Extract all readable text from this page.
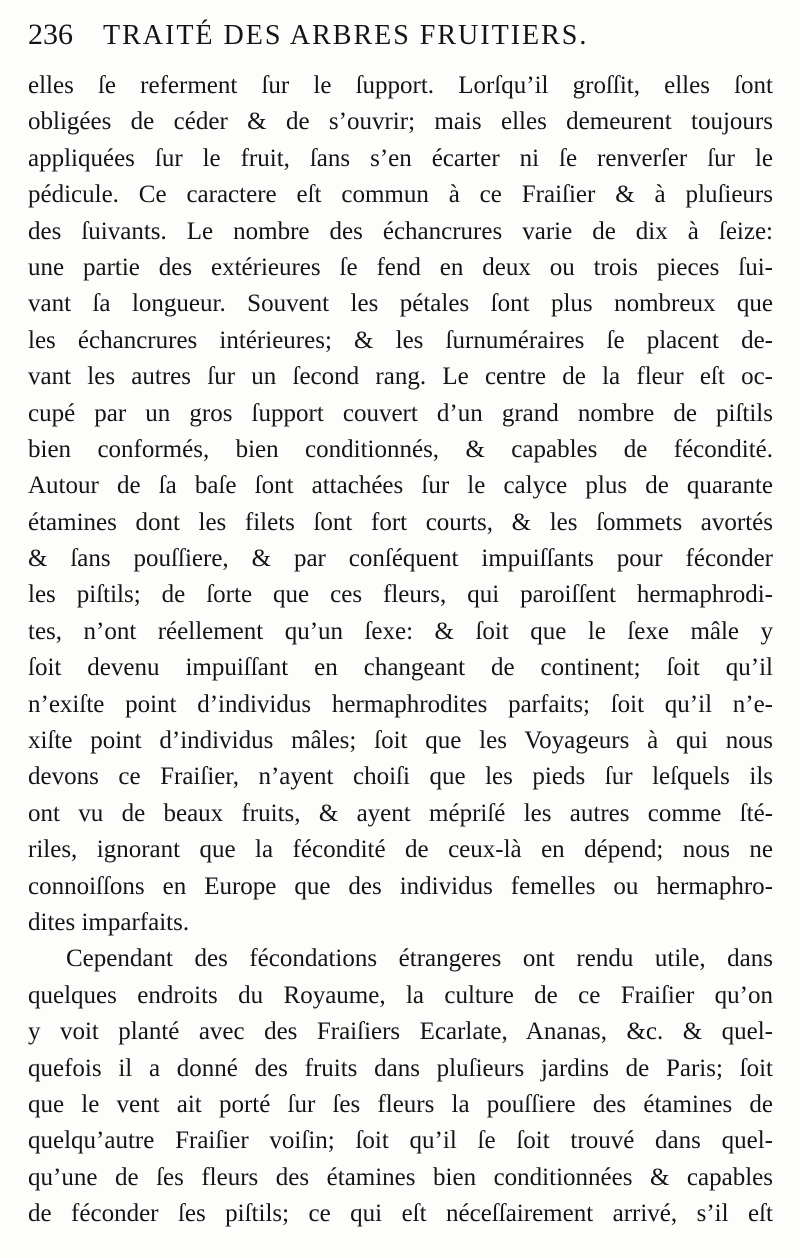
236 TRAITÉ DES ARBRES FRUITIERS.
elles ſe referment ſur le ſupport. Lorſqu’il groſſit, elles ſont
obligées de céder & de s’ouvrir; mais elles demeurent toujours
appliquées ſur le fruit, ſans s’en écarter ni ſe renverſer ſur le
pédicule. Ce caractere eſt commun à ce Fraiſier & à pluſieurs
des ſuivants. Le nombre des échancrures varie de dix à ſeize:
une partie des extérieures ſe fend en deux ou trois pieces ſui-
vant ſa longueur. Souvent les pétales ſont plus nombreux que
les échancrures intérieures; & les ſurnuméraires ſe placent de-
vant les autres ſur un ſecond rang. Le centre de la fleur eſt oc-
cupé par un gros ſupport couvert d’un grand nombre de piſtils
bien conformés, bien conditionnés, & capables de fécondité.
Autour de ſa baſe ſont attachées ſur le calyce plus de quarante
étamines dont les filets ſont fort courts, & les ſommets avortés
& ſans pouſſiere, & par conſéquent impuiſſants pour féconder
les piſtils; de ſorte que ces fleurs, qui paroiſſent hermaphrodi-
tes, n’ont réellement qu’un ſexe: & ſoit que le ſexe mâle y
ſoit devenu impuiſſant en changeant de continent; ſoit qu’il
n’exiſte point d’individus hermaphrodites parfaits; ſoit qu’il n’e-
xiſte point d’individus mâles; ſoit que les Voyageurs à qui nous
devons ce Fraiſier, n’ayent choiſi que les pieds ſur leſquels ils
ont vu de beaux fruits, & ayent mépriſé les autres comme ſté-
riles, ignorant que la fécondité de ceux-là en dépend; nous ne
connoiſſons en Europe que des individus femelles ou hermaphro-
dites imparfaits.
Cependant des fécondations étrangeres ont rendu utile, dans
quelques endroits du Royaume, la culture de ce Fraiſier qu’on
y voit planté avec des Fraiſiers Ecarlate, Ananas, &c. & quel-
quefois il a donné des fruits dans pluſieurs jardins de Paris; ſoit
que le vent ait porté ſur ſes fleurs la pouſſiere des étamines de
quelqu’autre Fraiſier voiſin; ſoit qu’il ſe ſoit trouvé dans quel-
qu’une de ſes fleurs des étamines bien conditionnées & capables
de féconder ſes piſtils; ce qui eſt néceſſairement arrivé, s’il eſt
